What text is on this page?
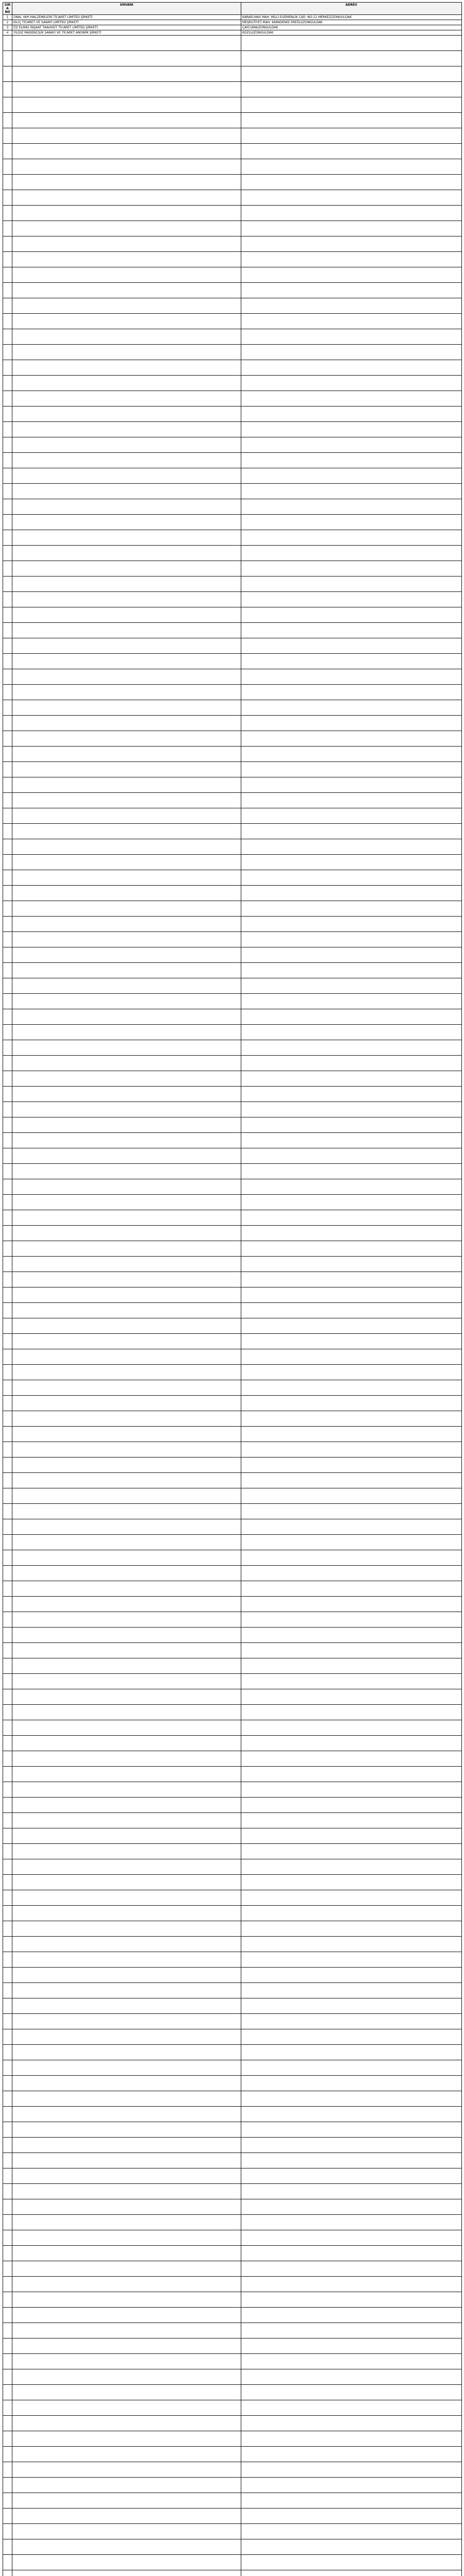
SIRA NO	UNVANI	ADRES
1	ÜNAL YAPI MALZEMELERİ TİCARET LİMİTED ŞİRKETİ	KARAELMAS MAH. MİLLİ EGEMENLİK CAD. NO:12 MERKEZ/ZONGULDAK
2	KILIÇ TİCARET VE SANAYİ LİMİTED ŞİRKETİ	MEŞRUTİYET MAH. KARADENİZ EREĞLİ/ZONGULDAK
3	ÖZ ELMAS İNŞAAT TAAHHÜT TİCARET LİMİTED ŞİRKETİ	ÇAYCUMA/ZONGULDAK
4	YILDIZ MADENCİLİK SANAYİ VE TİCARET ANONİM ŞİRKETİ	KOZLU/ZONGULDAK
